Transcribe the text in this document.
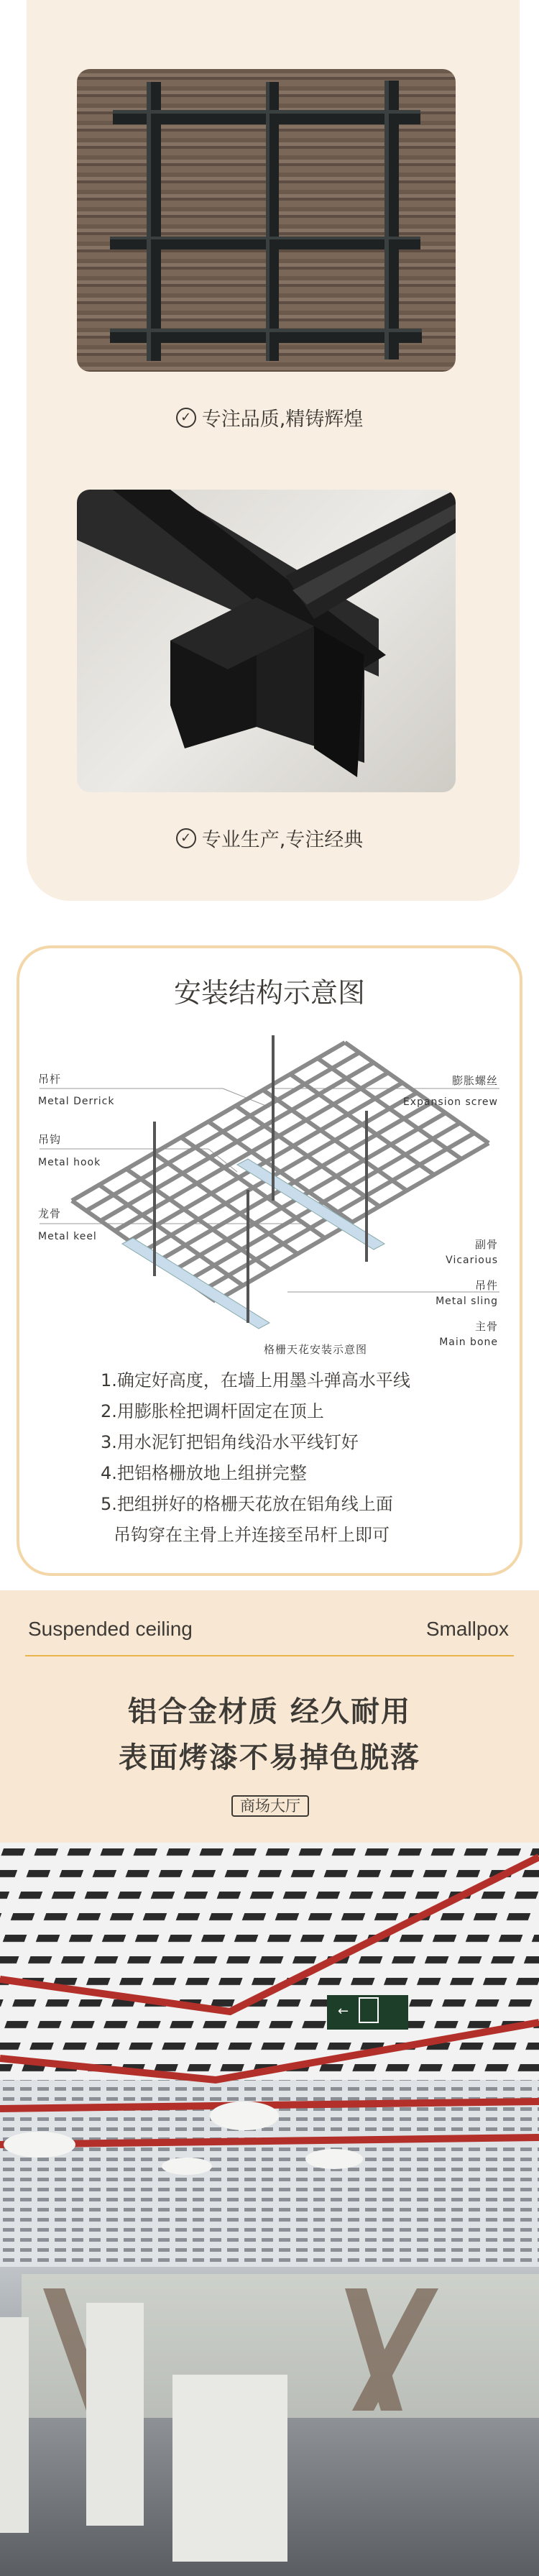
✓ 专注品质,精铸辉煌
✓ 专业生产,专注经典
安装结构示意图
吊杆
Metal Derrick
吊钩
Metal hook
龙骨
Metal keel
膨胀螺丝
Expansion screw
副骨
Vicarious
吊件
Metal sling
主骨
Main bone
格栅天花安装示意图
1.确定好高度，在墙上用墨斗弹高水平线
2.用膨胀栓把调杆固定在顶上
3.用水泥钉把铝角线沿水平线钉好
4.把铝格栅放地上组拼完整
5.把组拼好的格栅天花放在铝角线上面
吊钩穿在主骨上并连接至吊杆上即可
Suspended ceiling	Smallpox
铝合金材质 经久耐用
表面烤漆不易掉色脱落
商场大厅
←
